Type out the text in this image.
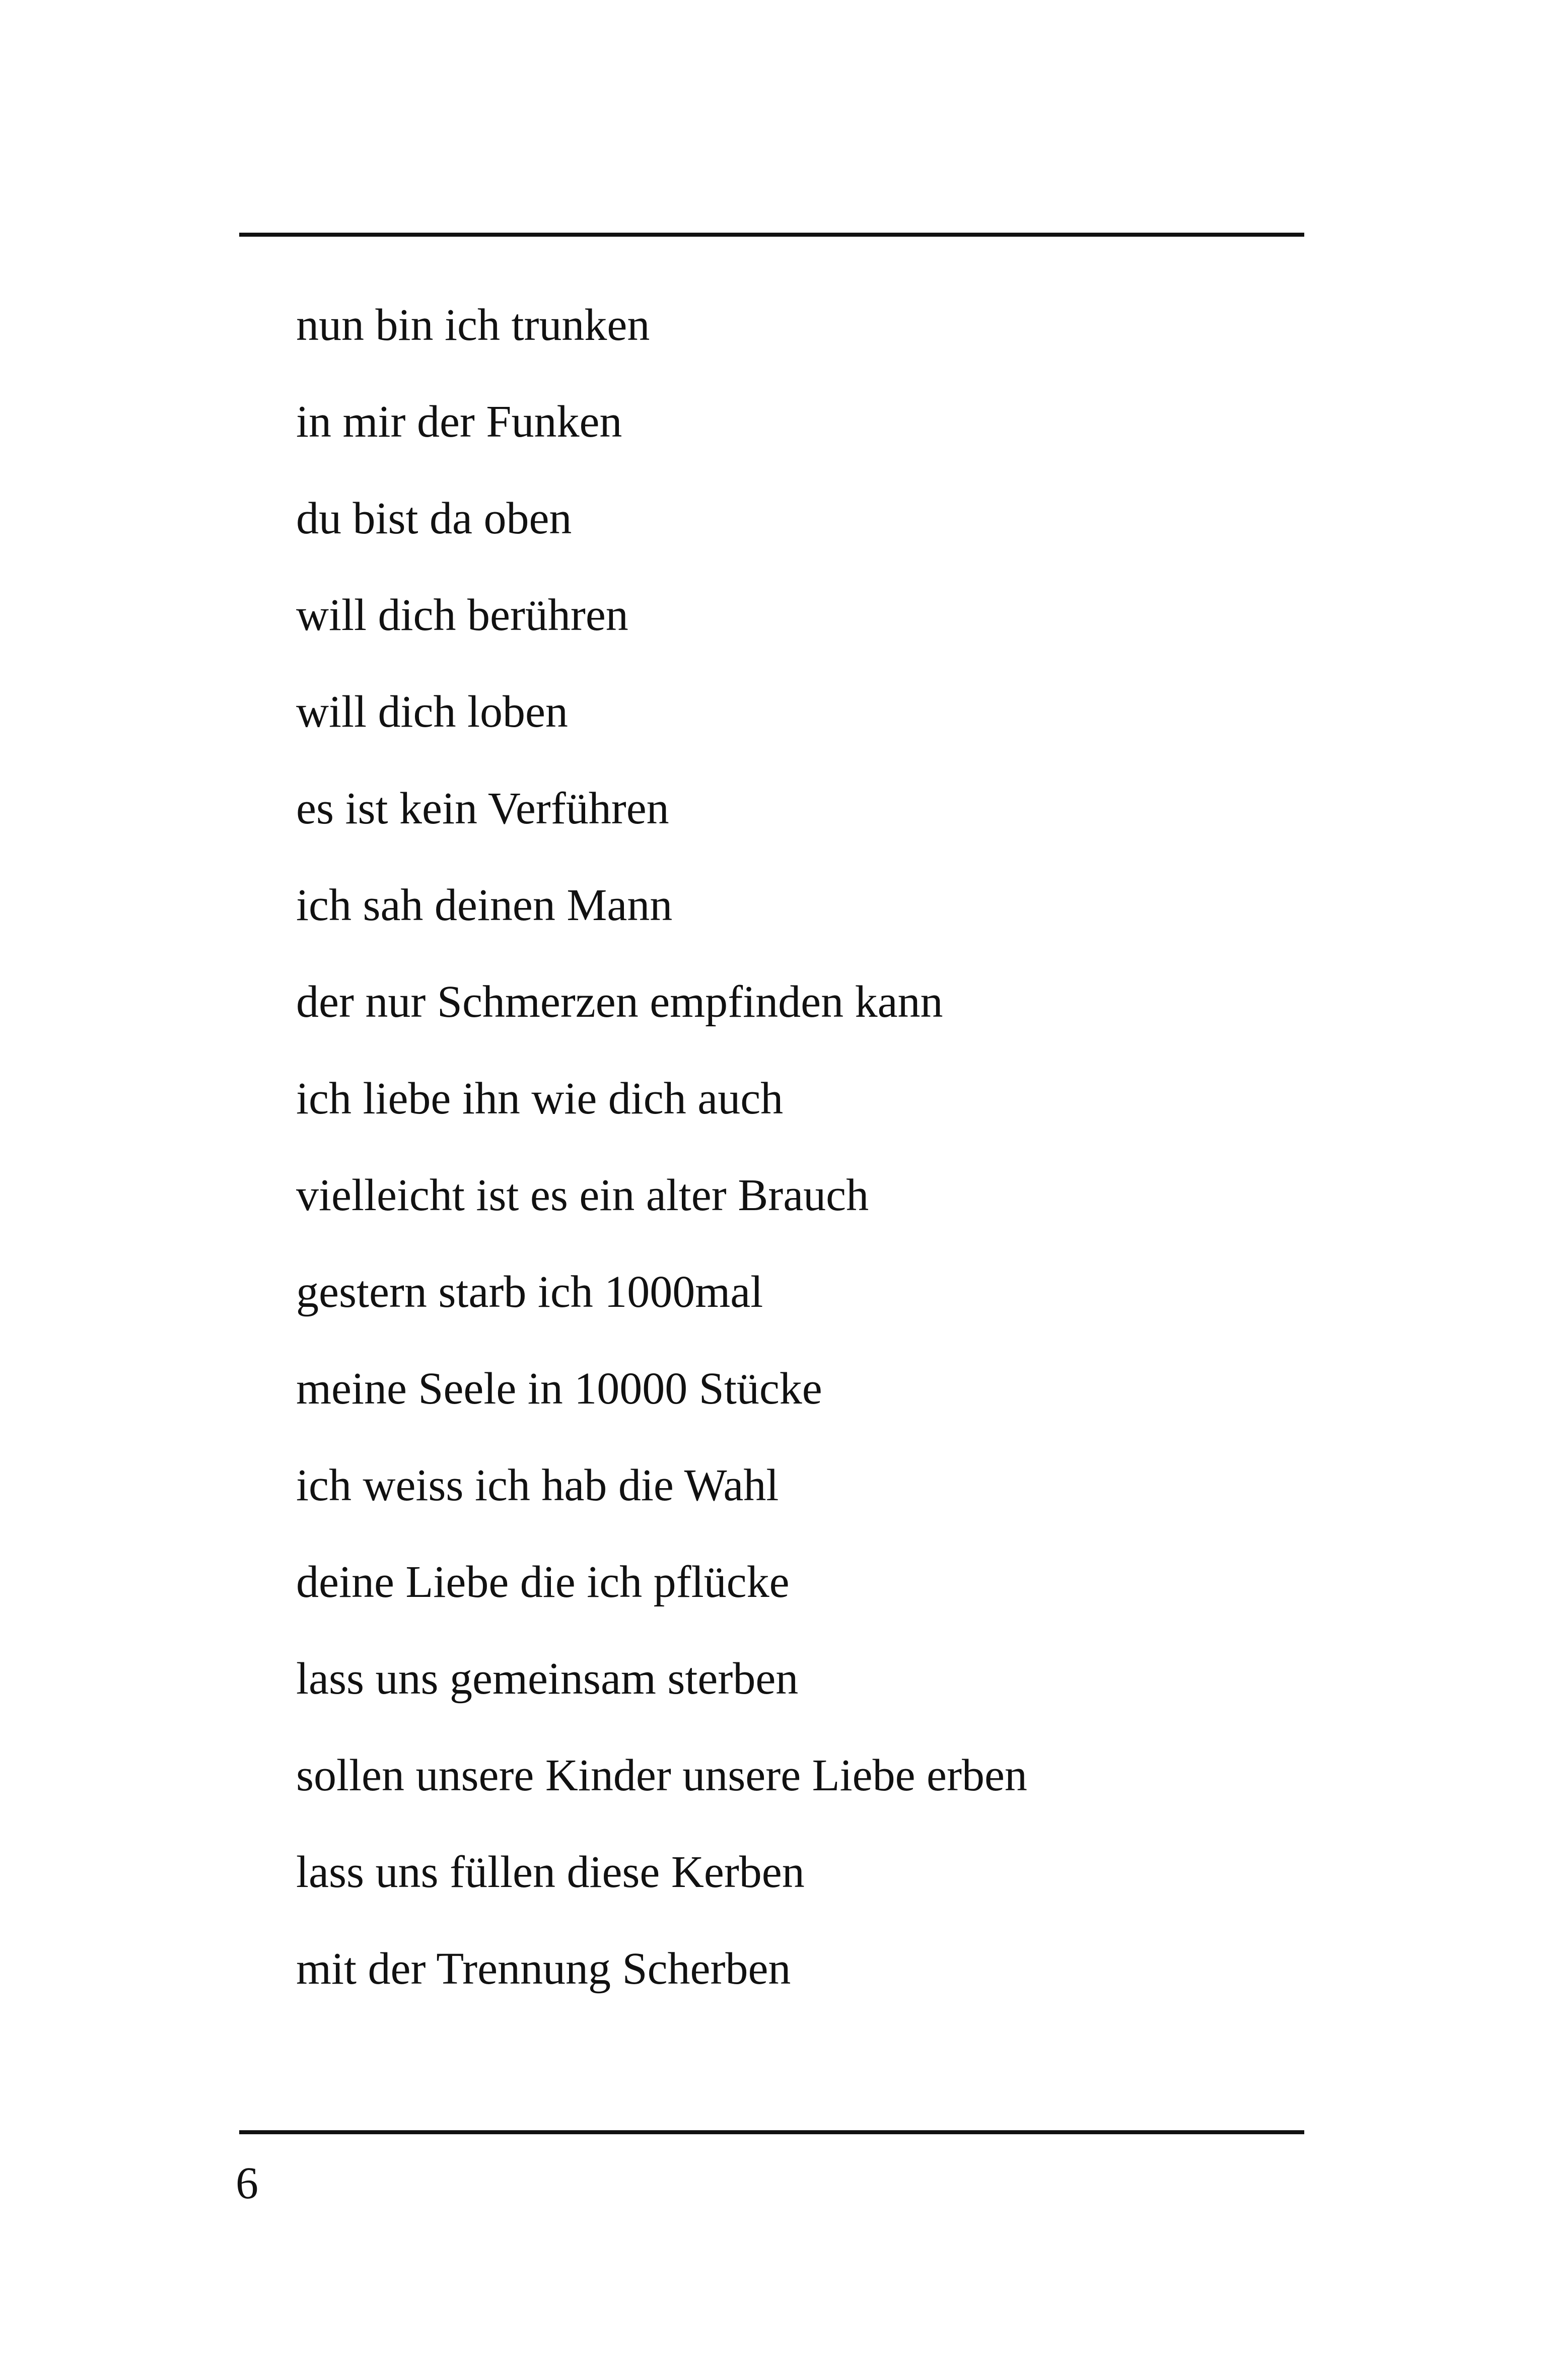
nun bin ich trunken
in mir der Funken
du bist da oben
will dich berühren
will dich loben
es ist kein Verführen
ich sah deinen Mann
der nur Schmerzen empfinden kann
ich liebe ihn wie dich auch
vielleicht ist es ein alter Brauch
gestern starb ich 1000mal
meine Seele in 10000 Stücke
ich weiss ich hab die Wahl
deine Liebe die ich pflücke
lass uns gemeinsam sterben
sollen unsere Kinder unsere Liebe erben
lass uns füllen diese Kerben
mit der Trennung Scherben
6
